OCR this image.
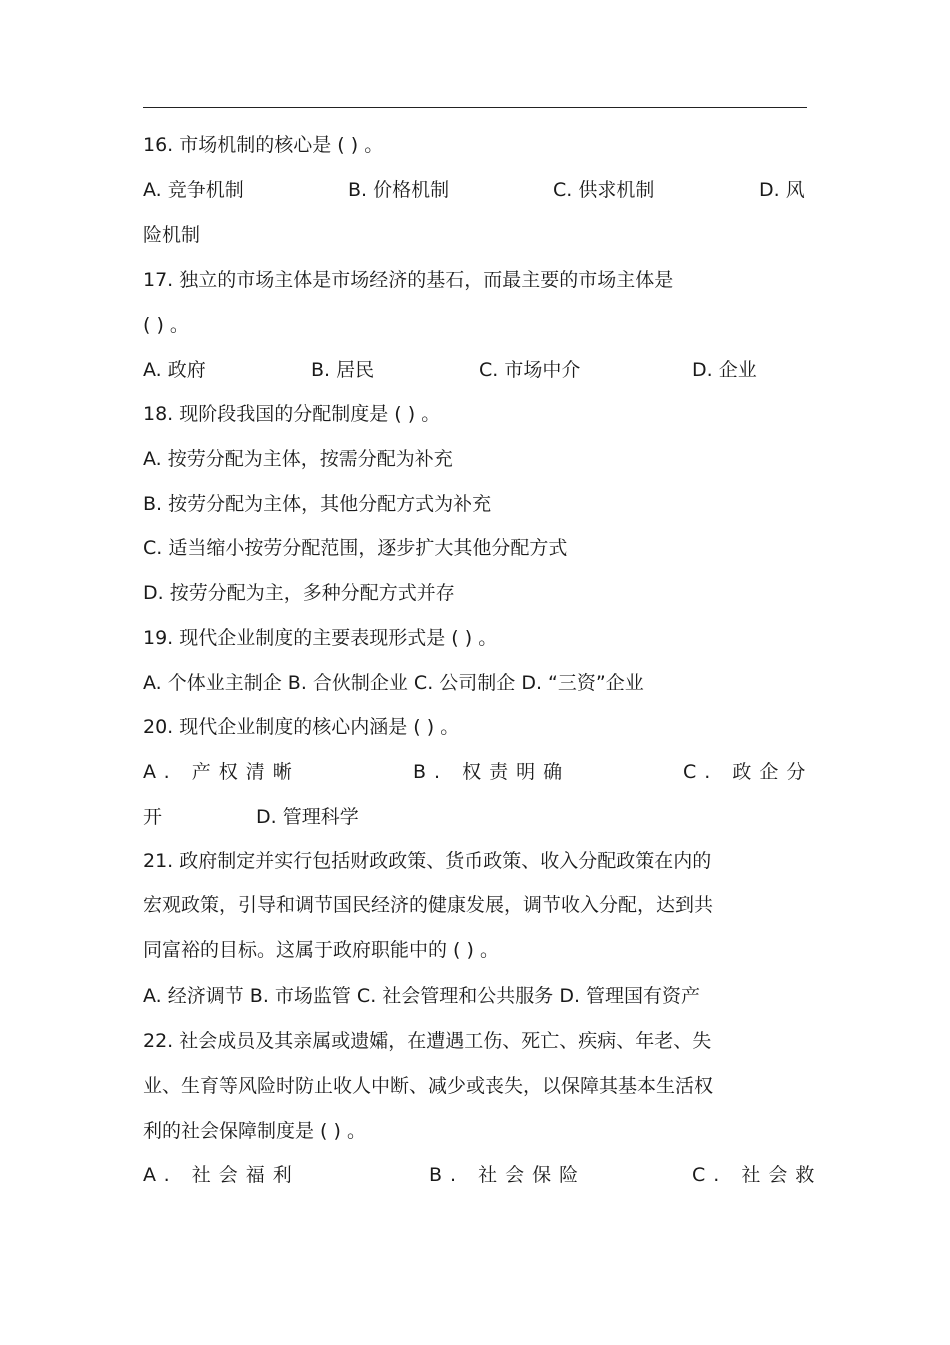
16. 市场机制的核心是 ( ) 。
A. 竞争机制	B. 价格机制	C. 供求机制	D. 风
险机制
17. 独立的市场主体是市场经济的基石，而最主要的市场主体是
( ) 。
A. 政府	B. 居民	C. 市场中介	D. 企业
18. 现阶段我国的分配制度是 ( ) 。
A. 按劳分配为主体，按需分配为补充
B. 按劳分配为主体，其他分配方式为补充
C. 适当缩小按劳分配范围，逐步扩大其他分配方式
D. 按劳分配为主，多种分配方式并存
19. 现代企业制度的主要表现形式是 ( ) 。
A. 个体业主制企 B. 合伙制企业 C. 公司制企 D. “三资”企业
20. 现代企业制度的核心内涵是 ( ) 。
A. 产权清晰	B. 权责明确	C. 政企分
开	D. 管理科学
21. 政府制定并实行包括财政政策、货币政策、收入分配政策在内的
宏观政策，引导和调节国民经济的健康发展，调节收入分配，达到共
同富裕的目标。这属于政府职能中的 ( ) 。
A. 经济调节 B. 市场监管 C. 社会管理和公共服务 D. 管理国有资产
22. 社会成员及其亲属或遗孀，在遭遇工伤、死亡、疾病、年老、失
业、生育等风险时防止收人中断、减少或丧失，以保障其基本生活权
利的社会保障制度是 ( ) 。
A. 社会福利	B. 社会保险	C. 社会救
